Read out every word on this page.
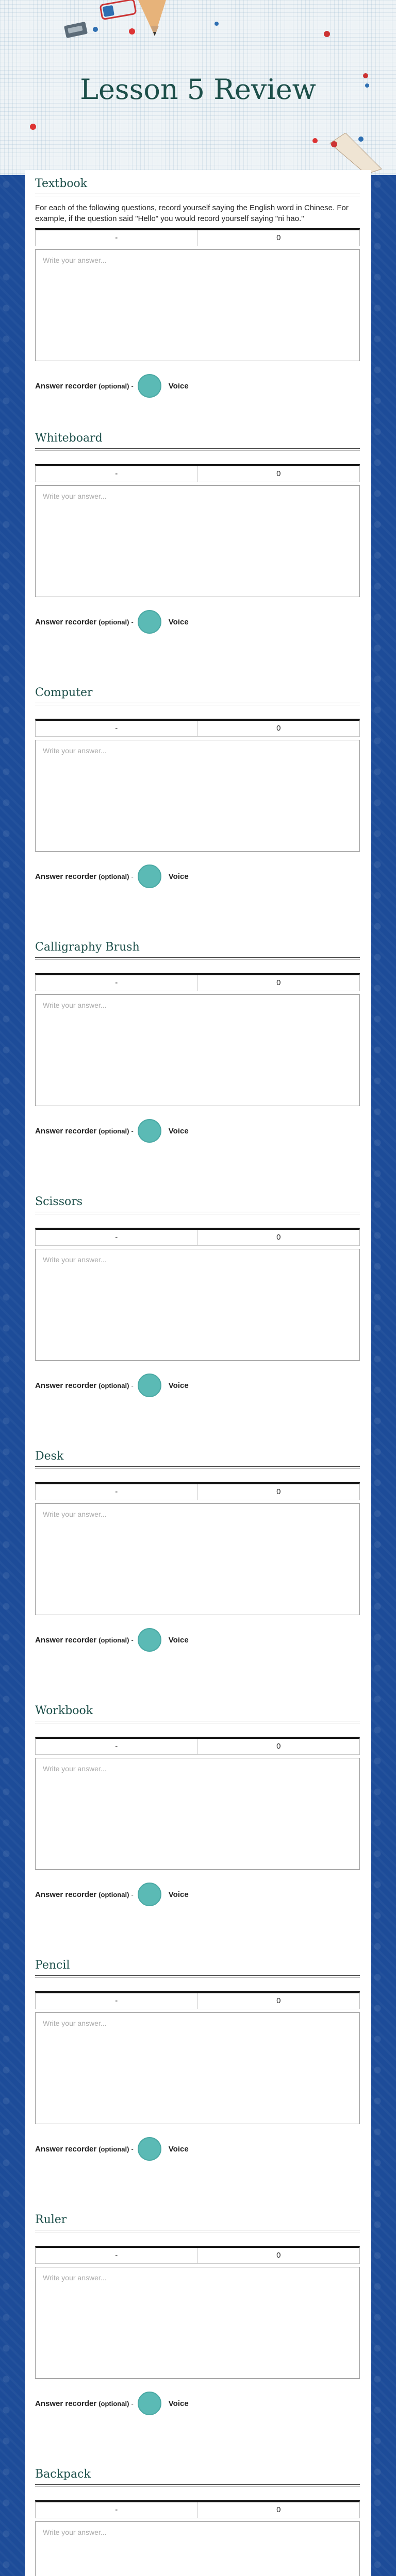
Lesson 5 Review
Textbook

For each of the following questions, record yourself saying the English word in Chinese. For example, if the question said "Hello" you would record yourself saying "ni hao."

-	0
Write your answer...
Answer recorder (optional) -	Voice
Whiteboard
-	0
Write your answer...
Answer recorder (optional) -	Voice
Computer
-	0
Write your answer...
Answer recorder (optional) -	Voice
Calligraphy Brush
-	0
Write your answer...
Answer recorder (optional) -	Voice
Scissors
-	0
Write your answer...
Answer recorder (optional) -	Voice
Desk
-	0
Write your answer...
Answer recorder (optional) -	Voice
Workbook
-	0
Write your answer...
Answer recorder (optional) -	Voice
Pencil
-	0
Write your answer...
Answer recorder (optional) -	Voice
Ruler
-	0
Write your answer...
Answer recorder (optional) -	Voice
Backpack
-	0
Write your answer...
